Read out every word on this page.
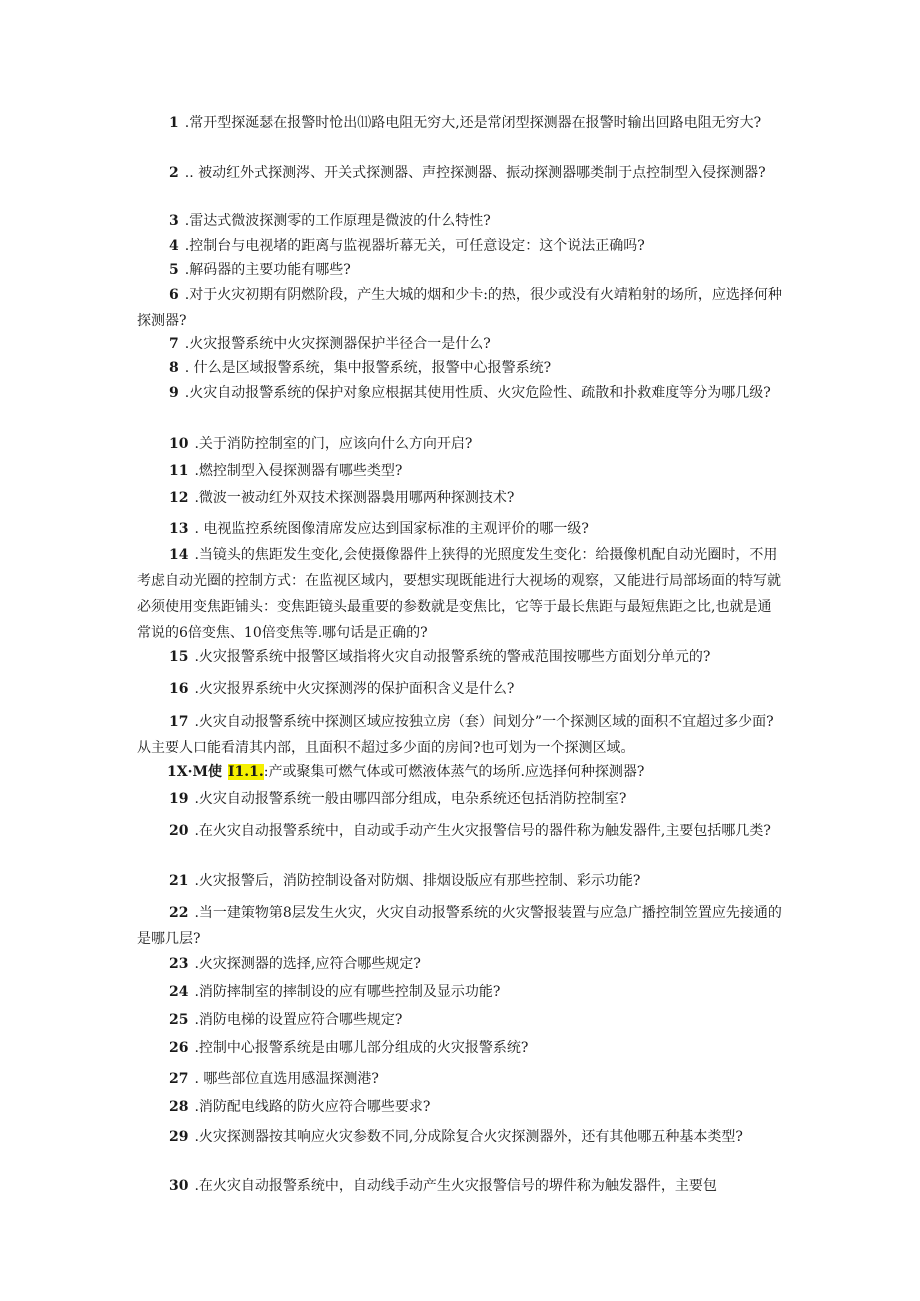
1 .常开型探涎瑟在报警时怆出⑾路电阻无穷大,还是常闭型探测器在报警时输出回路电阻无穷大?
2 .. 被动红外式探测涔、开关式探测器、声控探测器、振动探测器哪类制于点控制型入侵探测器?
3 .雷达式微波探测零的工作原理是微波的什么特性?
4 .控制台与电视堵的距离与监视器圻幕无关，可任意设定：这个说法正确吗?
5 .解码器的主要功能有哪些?
6 .对于火灾初期有阴燃阶段，产生大城的烟和少卡:的热，很少或没有火靖粕射的场所，应选择何种探测器?
7 .火灾报警系统中火灾探测器保护半径合一是什么?
8 . 什么是区域报警系统，集中报警系统，报警中心报警系统?
9 .火灾自动报警系统的保护对象应根据其使用性质、火灾危险性、疏散和扑救难度等分为哪几级?
10 .关于消防控制室的门，应该向什么方向开启?
11 .燃控制型入侵探测器有哪些类型?
12 .微波一被动红外双技术探测器裊用哪两种探测技术?
13 . 电视监控系统图像清席发应达到国家标准的主观评价的哪一级?
14 .当镜头的焦距发生变化,会使摄像器件上狭得的光照度发生变化：给摄像机配自动光圈时，不用考虑自动光圈的控制方式：在监视区域内，要想实现既能进行大视场的观察，又能进行局部场面的特写就必须使用变焦距铺头：变焦距镜头最重要的参数就是变焦比，它等于最长焦距与最短焦距之比,也就是通常说的6倍变焦、10倍变焦等.哪句话是正确的?
15 .火灾报警系统中报警区域指将火灾自动报警系统的警戒范围按哪些方面划分单元的?
16 .火灾报界系统中火灾探测涔的保护面积含义是什么?
17 .火灾自动报警系统中探测区域应按独立房（套）间划分”一个探测区域的面积不宜超过多少面?从主要人口能看清其内部，且面积不超过多少面的房间?也可划为一个探测区域。
1X·M使 I1.1.:产或聚集可燃气体或可燃液体蒸气的场所.应选择何种探测器?
19 .火灾自动报警系统一般由哪四部分组成，电杂系统还包括消防控制室?
20 .在火灾自动报警系统中，自动或手动产生火灾报警信号的器件称为触发器件,主要包括哪几类?
21 .火灾报警后，消防控制设备对防烟、排烟设版应有那些控制、彩示功能?
22 .当一建策物第8层发生火灾，火灾自动报警系统的火灾警报装置与应急广播控制笠置应先接通的是哪几层?
23 .火灾探测器的选择,应符合哪些规定?
24 .消防摔制室的摔制设的应有哪些控制及显示功能?
25 .消防电梯的设置应符合哪些规定?
26 .控制中心报警系统是由哪儿部分组成的火灾报警系统?
27 . 哪些部位直选用感温探测港?
28 .消防配电线路的防火应符合哪些要求?
29 .火灾探测器按其响应火灾参数不同,分成除复合火灾探测器外，还有其他哪五种基本类型?
30 .在火灾自动报警系统中，自动线手动产生火灾报警信号的堺件称为触发器件，主要包
